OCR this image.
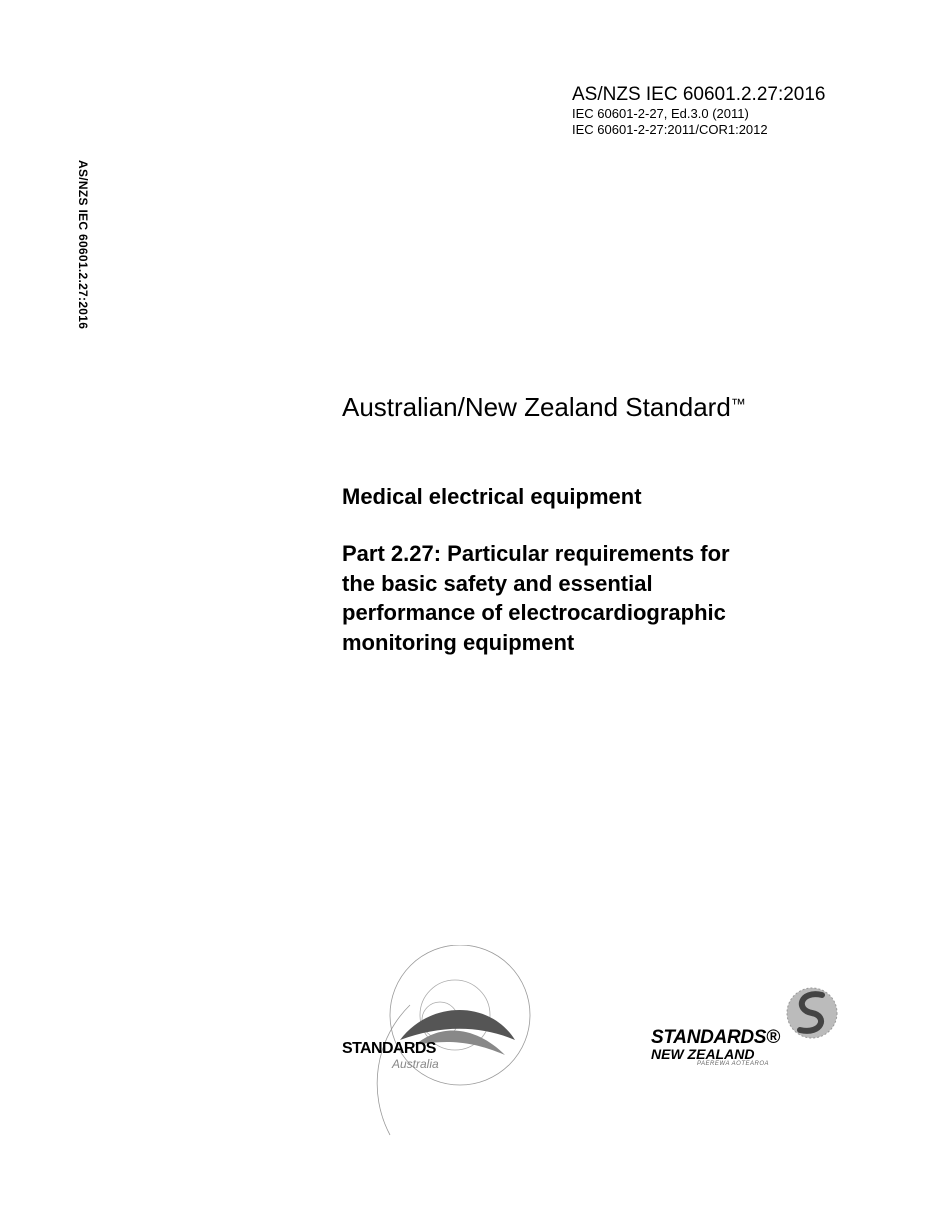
AS/NZS IEC 60601.2.27:2016
IEC 60601-2-27, Ed.3.0 (2011)
IEC 60601-2-27:2011/COR1:2012
AS/NZS IEC 60601.2.27:2016
Australian/New Zealand Standard™
Medical electrical equipment
Part 2.27: Particular requirements for
the basic safety and essential
performance of electrocardiographic
monitoring equipment
STANDARDS
Australia
STANDARDS®
NEW ZEALAND
PAEREWA AOTEAROA
